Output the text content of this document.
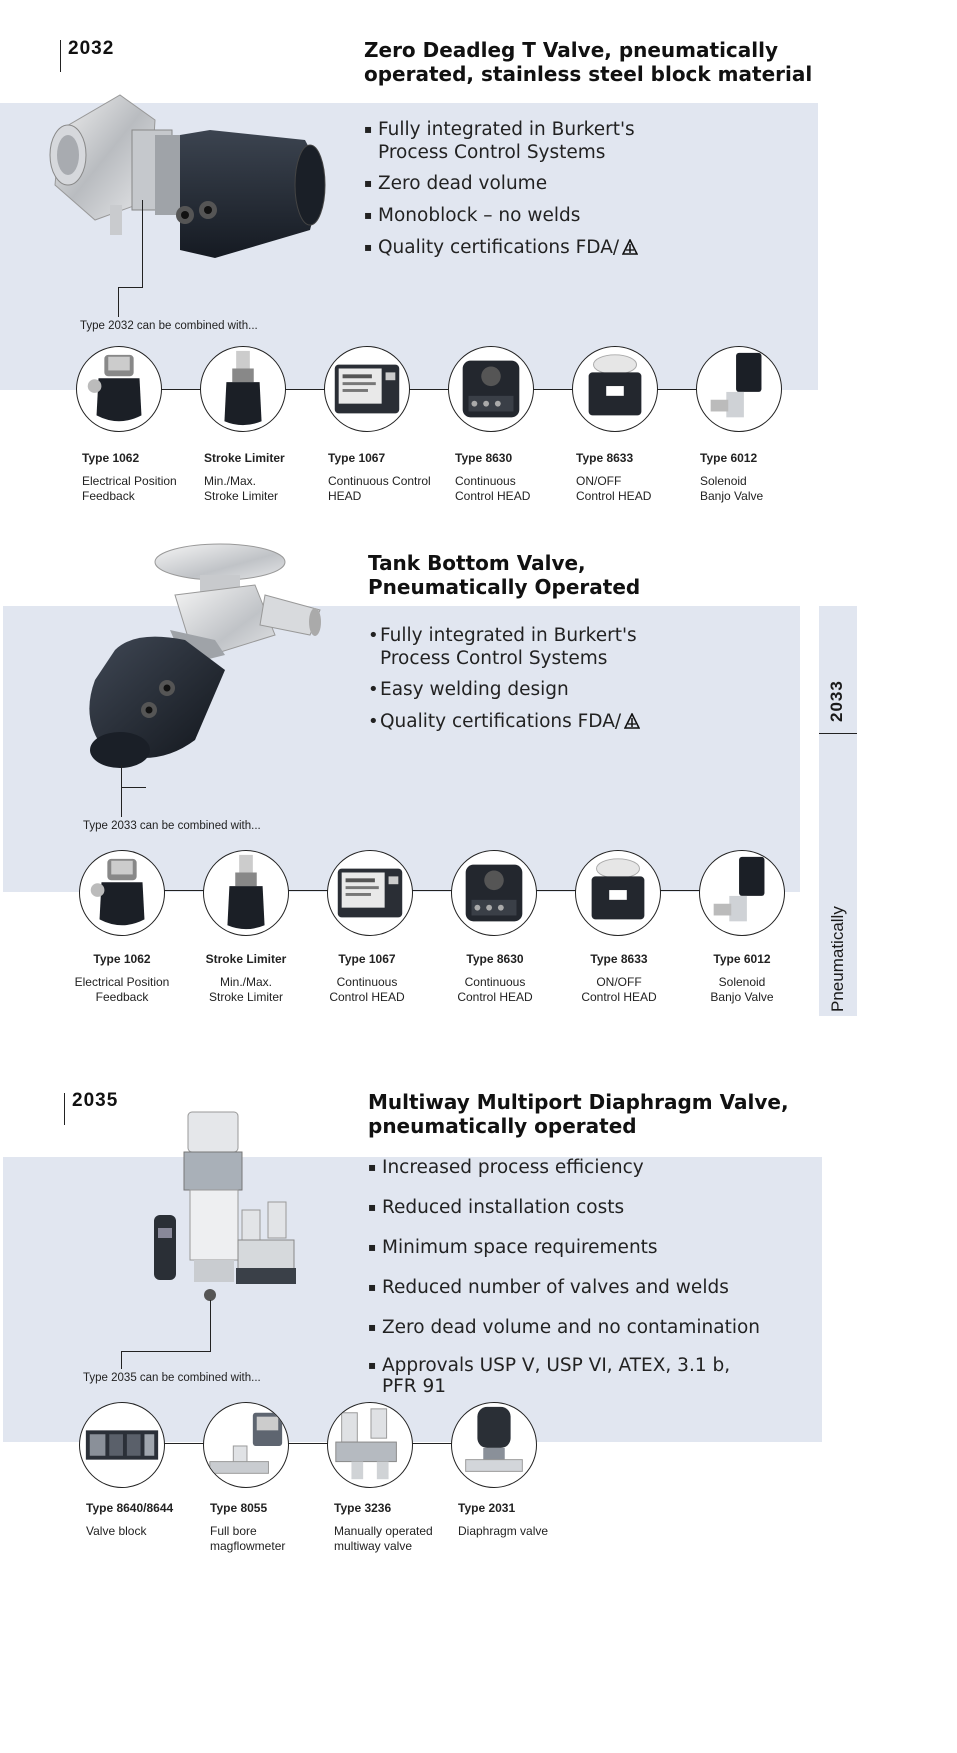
2032	Zero Deadleg T Valve, pneumatically
operated, stainless steel block material
▪ Fully integrated in Burkert's
Process Control Systems
▪ Zero dead volume
▪ Monoblock – no welds
▪ Quality certifications FDA/
Type 2032 can be combined with...
Type 1062
Electrical Position
Feedback
Stroke Limiter
Min./Max.
Stroke Limiter
Type 1067
Continuous Control
HEAD
Type 8630
Continuous
Control HEAD
Type 8633
ON/OFF
Control HEAD
Type 6012
Solenoid
Banjo Valve
Tank Bottom Valve,
Pneumatically Operated
• Fully integrated in Burkert's
Process Control Systems
• Easy welding design
• Quality certifications FDA/
Type 2033 can be combined with...
Type 1062
Electrical Position
Feedback
Stroke Limiter
Min./Max.
Stroke Limiter
Type 1067
Continuous
Control HEAD
Type 8630
Continuous
Control HEAD
Type 8633
ON/OFF
Control HEAD
Type 6012
Solenoid
Banjo Valve
2033
Pneumatically
2035	Multiway Multiport Diaphragm Valve,
pneumatically operated
▪ Increased process efficiency
▪ Reduced installation costs
▪ Minimum space requirements
▪ Reduced number of valves and welds
▪ Zero dead volume and no contamination
▪ Approvals USP V, USP VI, ATEX, 3.1 b,
PFR 91
Type 2035 can be combined with...
Type 8640/8644
Valve block
Type 8055
Full bore
magflowmeter
Type 3236
Manually operated
multiway valve
Type 2031
Diaphragm valve
